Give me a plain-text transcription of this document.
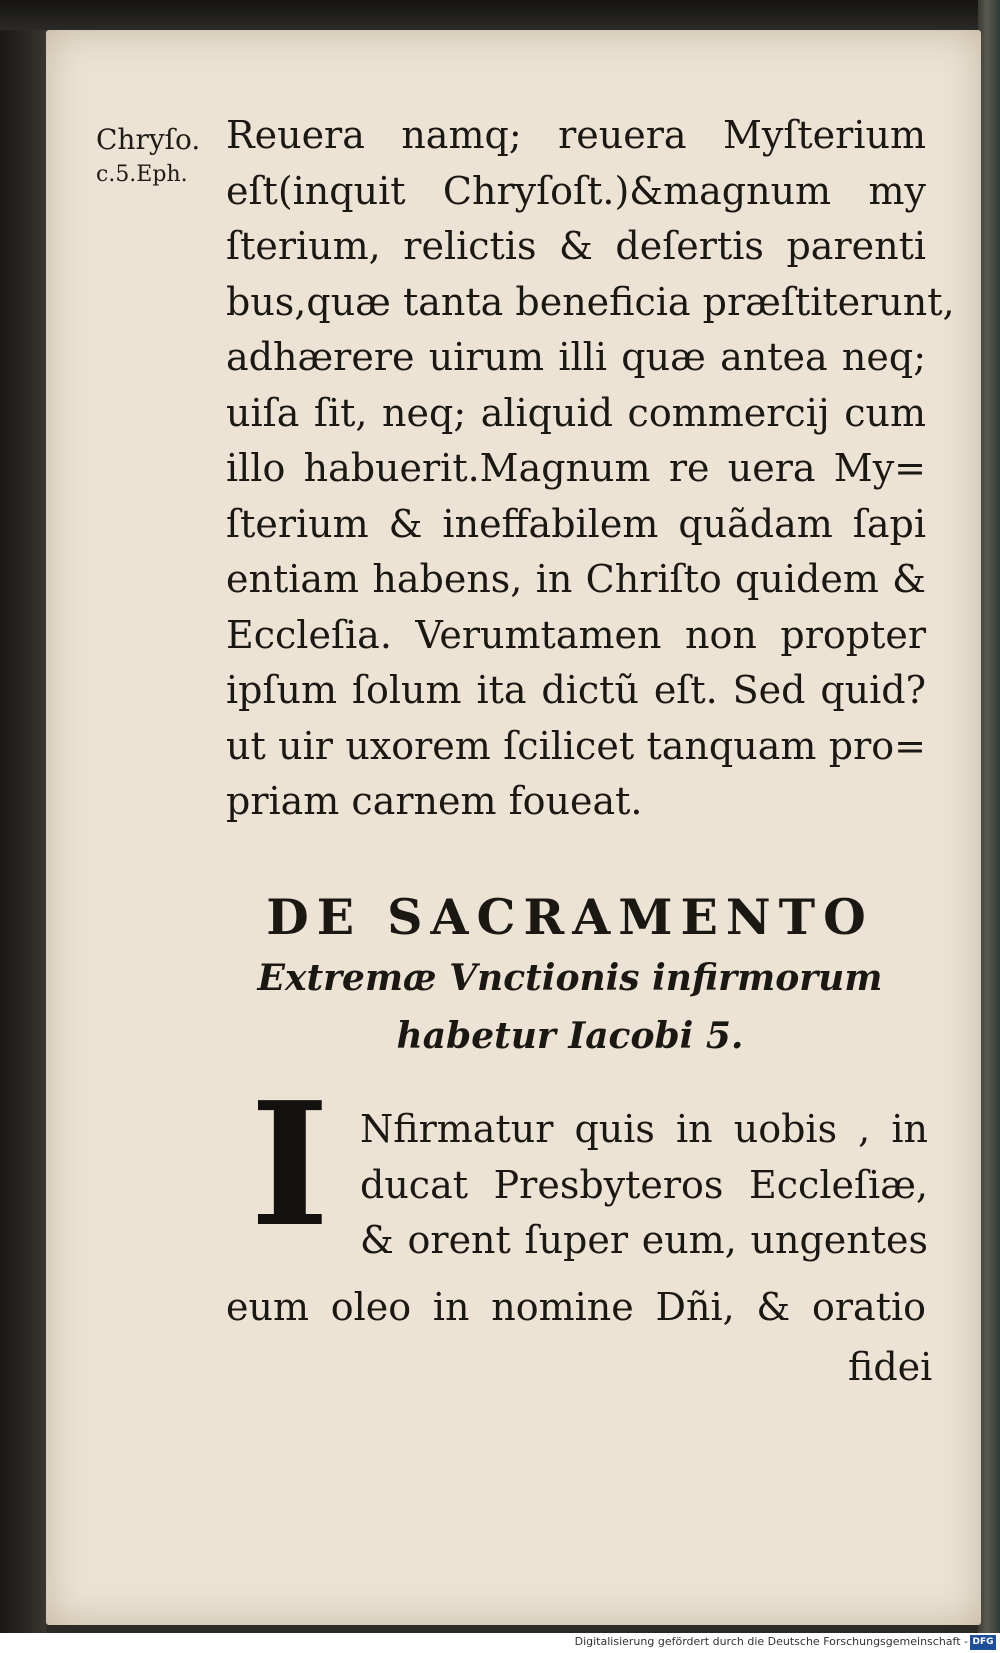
Chryſo.
c.5.Eph.
Reuera namq; reuera Myſterium
eſt(inquit Chryſoſt.)&magnum my
ſterium, relictis & deſertis parenti
bus,quæ tanta beneficia præſtiterunt,
adhærere uirum illi quæ antea neq;
uiſa ſit, neq; aliquid commercij cum
illo habuerit.Magnum re uera My=
ſterium & ineffabilem quãdam ſapi
entiam habens, in Chriſto quidem &
Eccleſia. Verumtamen non propter
ipſum ſolum ita dictũ eſt. Sed quid?
ut uir uxorem ſcilicet tanquam pro=
priam carnem foueat.
DE SACRAMENTO
Extremæ Vnctionis infirmorum
habetur Iacobi 5.
I Nfirmatur quis in uobis , in
ducat Presbyteros Eccleſiæ,
& orent ſuper eum, ungentes
eum oleo in nomine Dñi, & oratio
fidei
Digitalisierung gefördert durch die Deutsche Forschungsgemeinschaft - DFG
